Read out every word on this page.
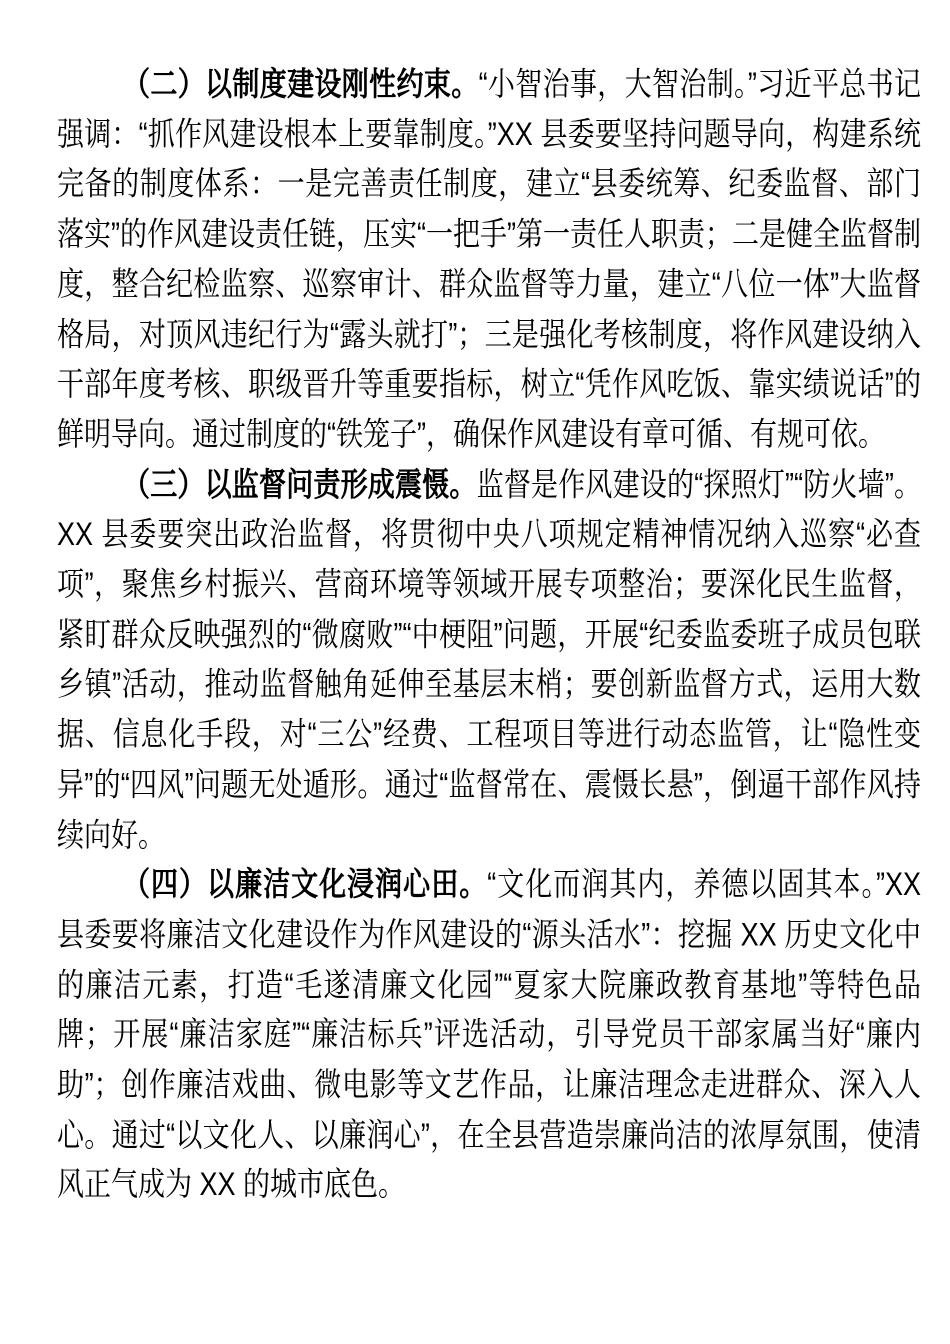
（二）以制度建设刚性约束。“小智治事，大智治制。”习近平总书记强调：“抓作风建设根本上要靠制度。”XX 县委要坚持问题导向，构建系统完备的制度体系：一是完善责任制度，建立“县委统筹、纪委监督、部门落实”的作风建设责任链，压实“一把手”第一责任人职责；二是健全监督制度，整合纪检监察、巡察审计、群众监督等力量，建立“八位一体”大监督格局，对顶风违纪行为“露头就打”；三是强化考核制度，将作风建设纳入干部年度考核、职级晋升等重要指标，树立“凭作风吃饭、靠实绩说话”的鲜明导向。通过制度的“铁笼子”，确保作风建设有章可循、有规可依。

（三）以监督问责形成震慑。监督是作风建设的“探照灯”“防火墙”。XX 县委要突出政治监督，将贯彻中央八项规定精神情况纳入巡察“必查项”，聚焦乡村振兴、营商环境等领域开展专项整治；要深化民生监督，紧盯群众反映强烈的“微腐败”“中梗阻”问题，开展“纪委监委班子成员包联乡镇”活动，推动监督触角延伸至基层末梢；要创新监督方式，运用大数据、信息化手段，对“三公”经费、工程项目等进行动态监管，让“隐性变异”的“四风”问题无处遁形。通过“监督常在、震慑长悬”，倒逼干部作风持续向好。

（四）以廉洁文化浸润心田。“文化而润其内，养德以固其本。”XX 县委要将廉洁文化建设作为作风建设的“源头活水”：挖掘 XX 历史文化中的廉洁元素，打造“毛遂清廉文化园”“夏家大院廉政教育基地”等特色品牌；开展“廉洁家庭”“廉洁标兵”评选活动，引导党员干部家属当好“廉内助”；创作廉洁戏曲、微电影等文艺作品，让廉洁理念走进群众、深入人心。通过“以文化人、以廉润心”，在全县营造崇廉尚洁的浓厚氛围，使清风正气成为 XX 的城市底色。
